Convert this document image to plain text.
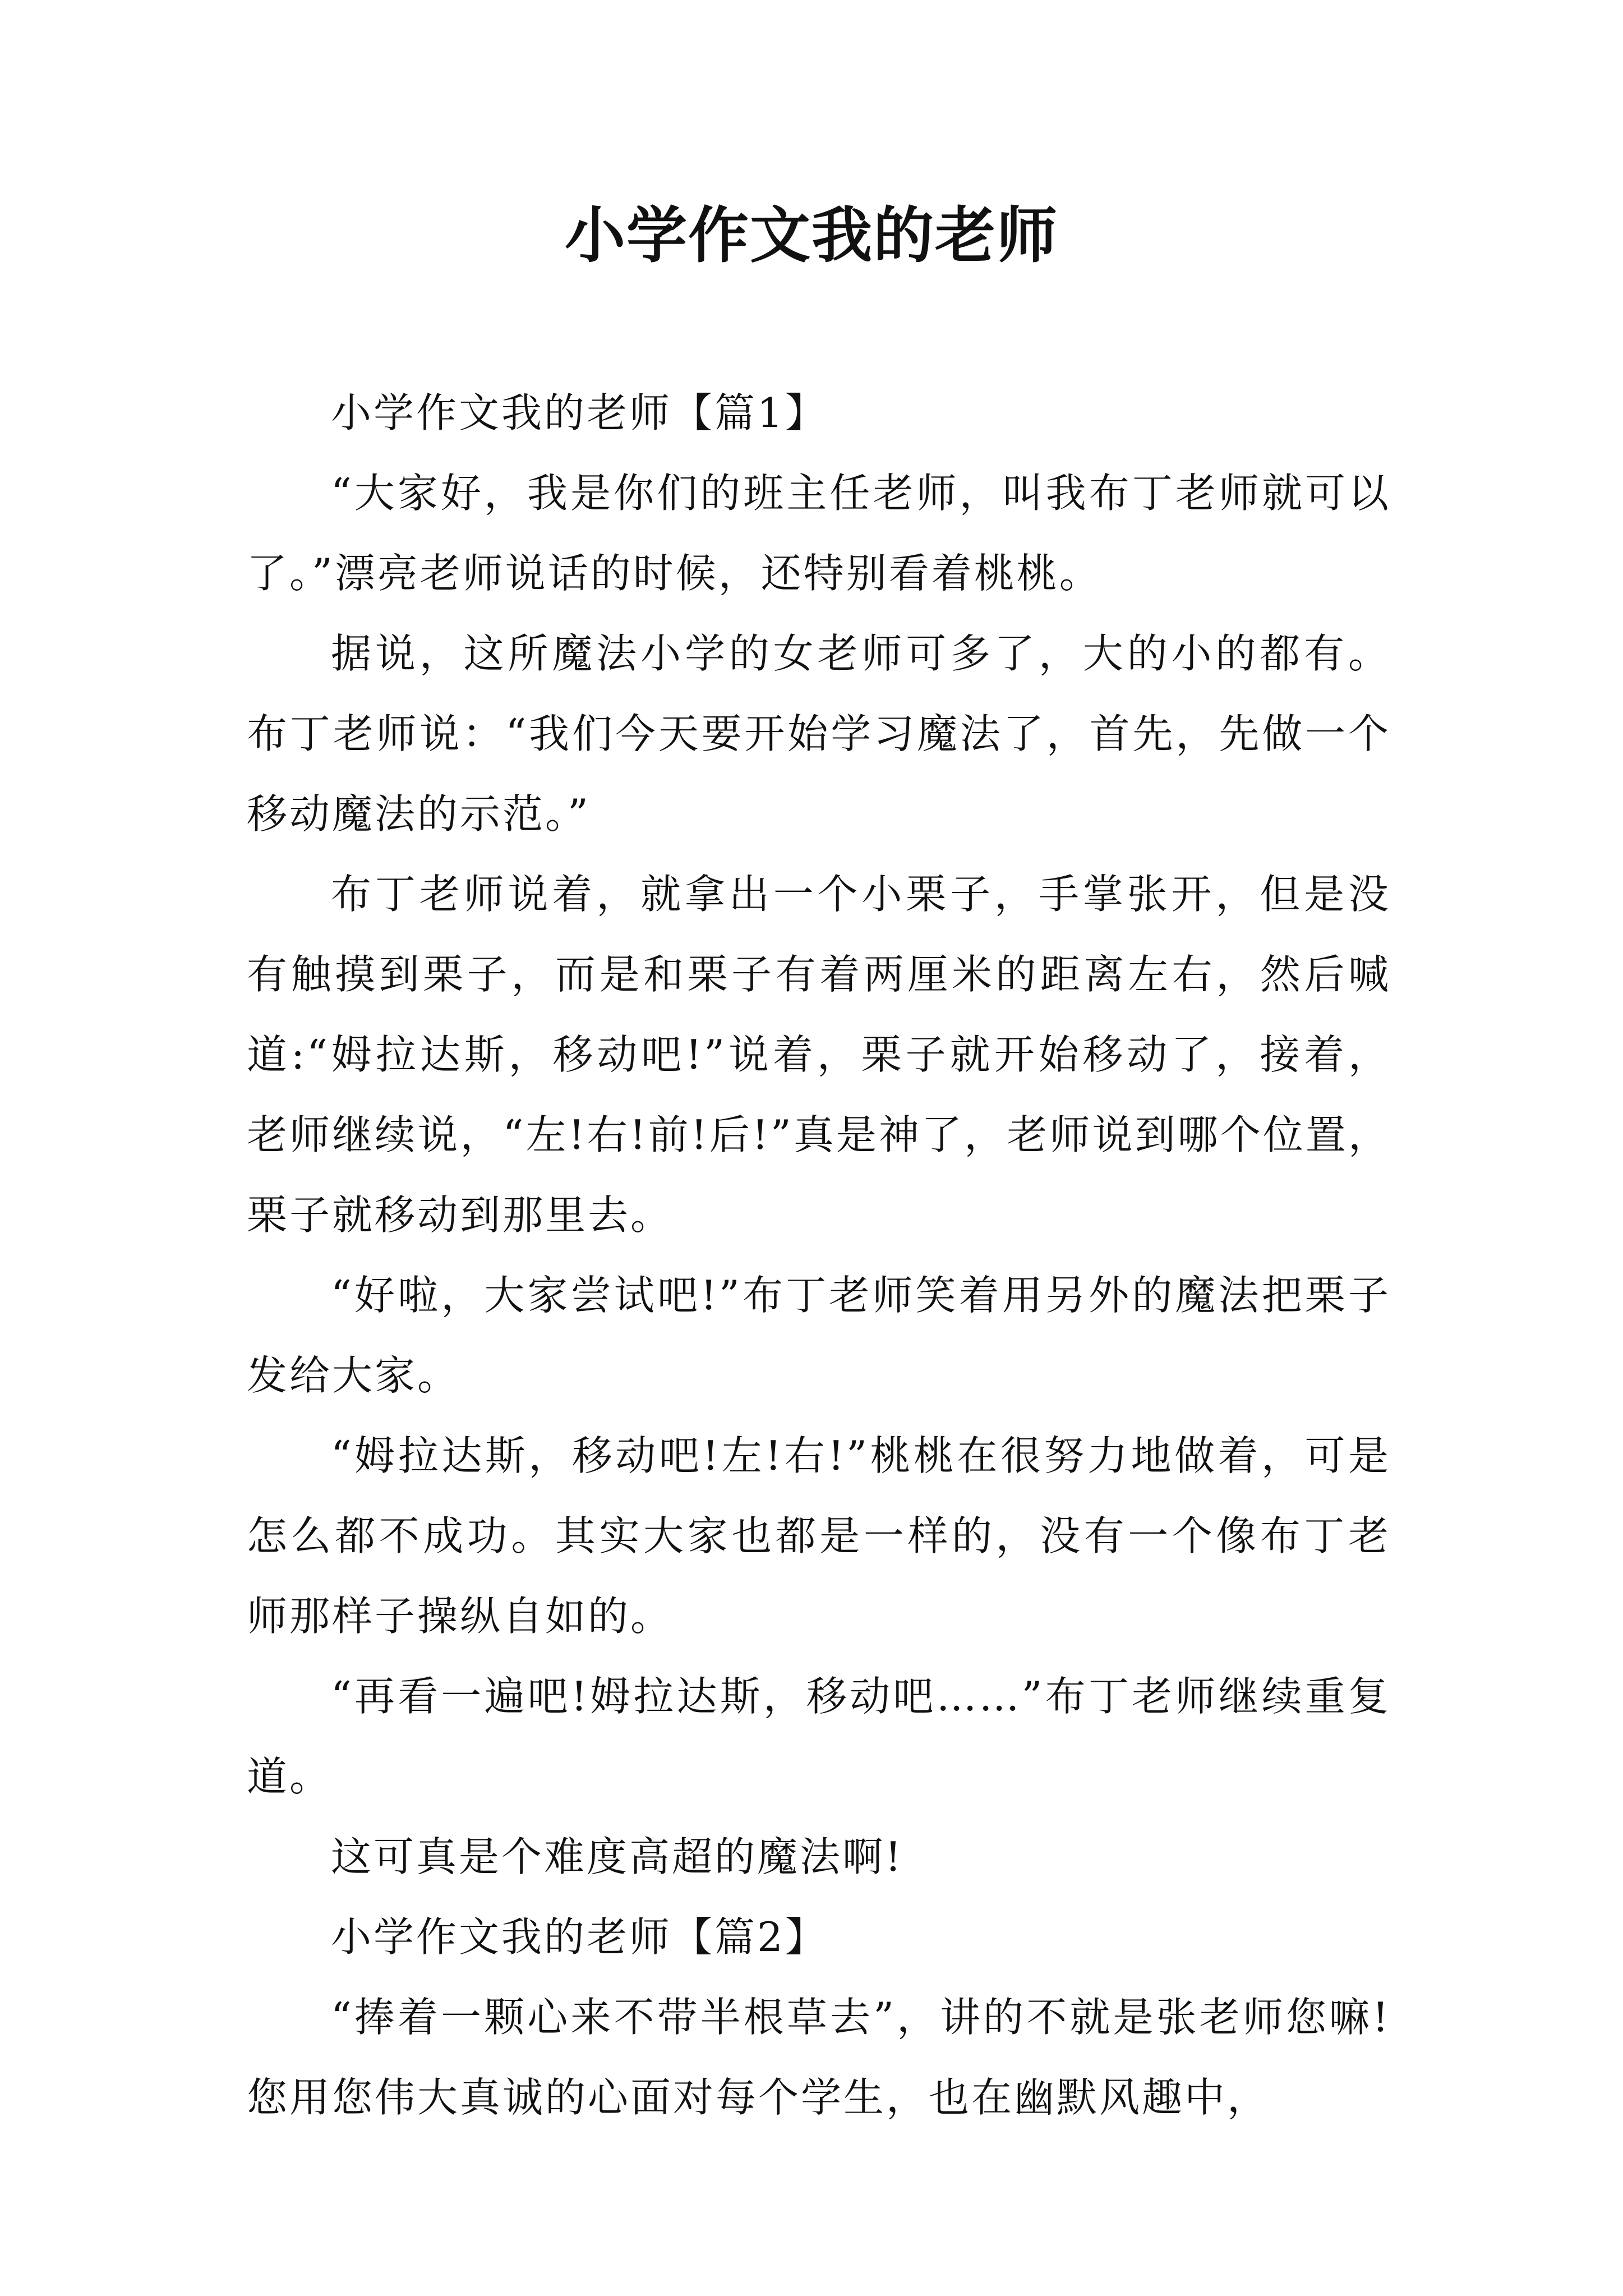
小学作文我的老师

小学作文我的老师【篇1】

“大家好，我是你们的班主任老师，叫我布丁老师就可以了。”漂亮老师说话的时候，还特别看着桃桃。

据说，这所魔法小学的女老师可多了，大的小的都有。布丁老师说：“我们今天要开始学习魔法了，首先，先做一个移动魔法的示范。”

布丁老师说着，就拿出一个小栗子，手掌张开，但是没有触摸到栗子，而是和栗子有着两厘米的距离左右，然后喊道:“姆拉达斯，移动吧!”说着，栗子就开始移动了，接着，老师继续说，“左!右!前!后!”真是神了，老师说到哪个位置，栗子就移动到那里去。

“好啦，大家尝试吧!”布丁老师笑着用另外的魔法把栗子发给大家。

“姆拉达斯，移动吧!左!右!”桃桃在很努力地做着，可是怎么都不成功。其实大家也都是一样的，没有一个像布丁老师那样子操纵自如的。

“再看一遍吧!姆拉达斯，移动吧……”布丁老师继续重复道。

这可真是个难度高超的魔法啊!

小学作文我的老师【篇2】

“捧着一颗心来不带半根草去”，讲的不就是张老师您嘛!您用您伟大真诚的心面对每个学生，也在幽默风趣中，
